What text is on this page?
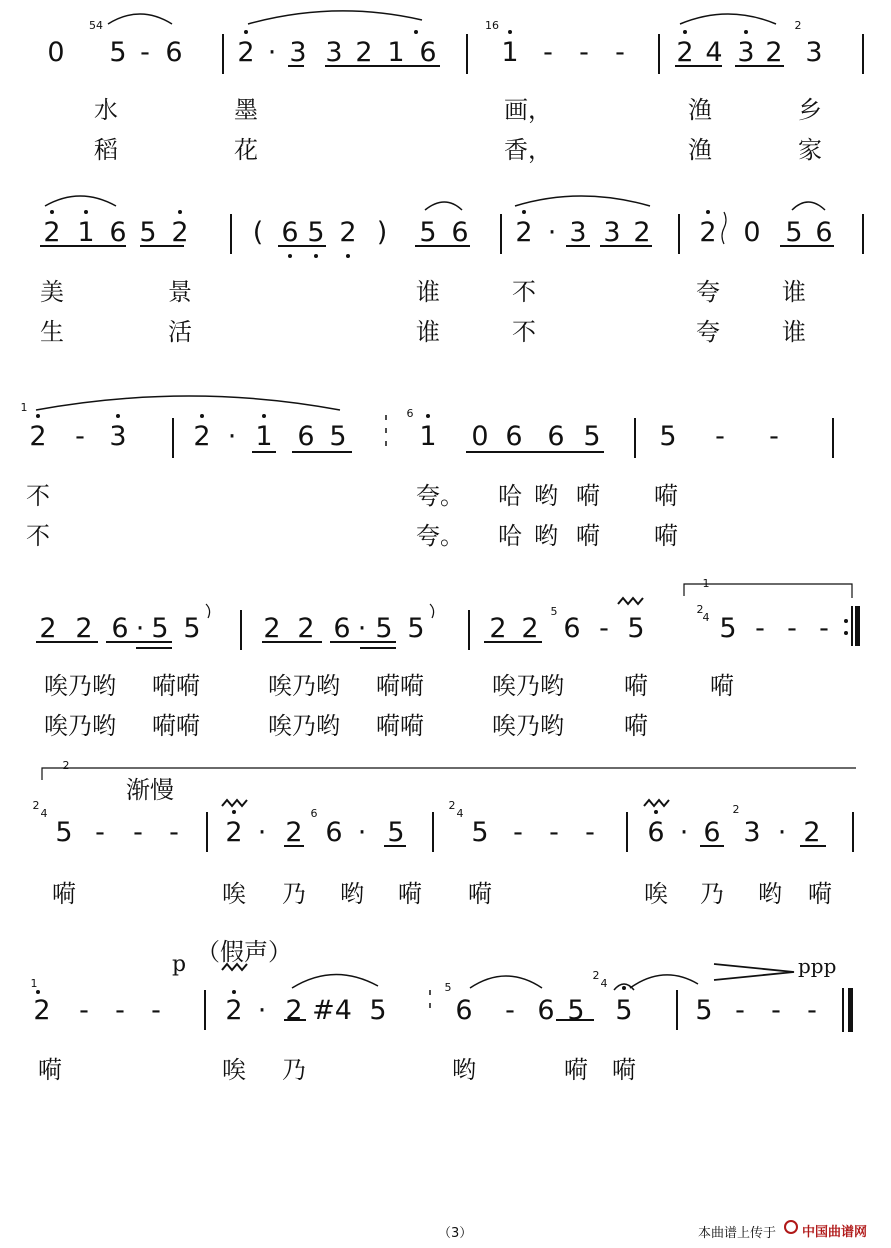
54	16	2
0 5 - 6 2 · 3 3 2 1 6 1 - - - 2 4 3 2 3
水	墨	画，	渔	乡
稻	花	香，	渔	家
2 1 6 5 2 ( 6 5 2 ) 5 6 2 · 3 3 2 2 0 5 6
美	景	谁	不	夸	谁
生	活	谁	不	夸	谁
1	6
2 - 3 2 · 1 6 5	1 0 6 6 5 5 - -
不	夸。 哈 哟 嗬 嗬
不	夸。 哈 哟 嗬 嗬
5
1
2
4
2 2 6 · 5 5 2 2 6 · 5 5 2 2 6 - 5	5 - - -
唉乃哟 嗬嗬	唉乃哟 嗬嗬	唉乃哟	嗬	嗬
唉乃哟 嗬嗬	唉乃哟 嗬嗬	唉乃哟	嗬
2
渐慢
2
4	6
2
4	2
5 - - - 2 · 2 6 · 5 5 - - - 6 · 6 3 · 2
嗬	唉 乃 哟 嗬 嗬	唉 乃 哟 嗬
p （假声）	ppp
1	5
2
4
2 - - - 2 · 2 #4 5	6 - 6 5 5 5 - - -
嗬	唉 乃	哟	嗬 嗬
（3）	本曲谱上传于 中国曲谱网
